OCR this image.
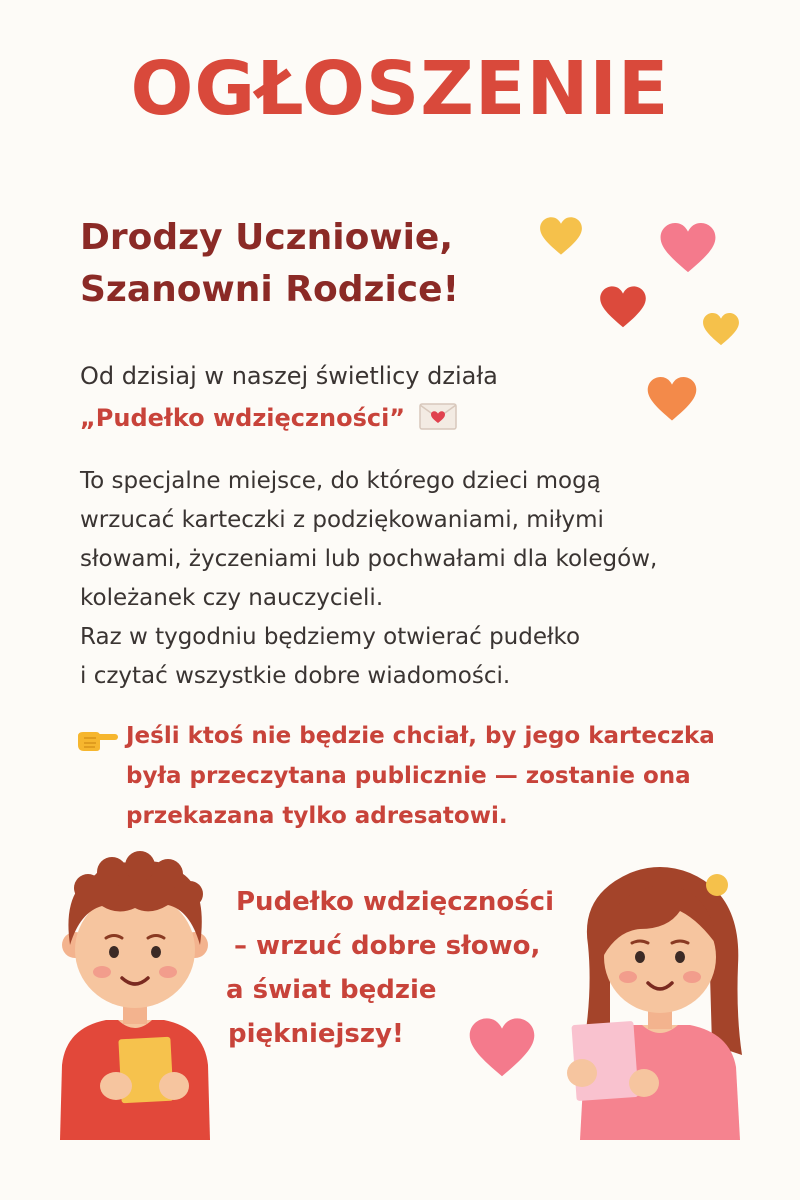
OGŁOSZENIE
Drodzy Uczniowie,
Szanowni Rodzice!

Od dzisiaj w naszej świetlicy działa
„Pudełko wdzięczności”

To specjalne miejsce, do którego dzieci mogą
wrzucać karteczki z podziękowaniami, miłymi
słowami, życzeniami lub pochwałami dla kolegów,
koleżanek czy nauczycieli.
Raz w tygodniu będziemy otwierać pudełko
i czytać wszystkie dobre wiadomości.

Jeśli ktoś nie będzie chciał, by jego karteczka
była przeczytana publicznie — zostanie ona
przekazana tylko adresatowi.

Pudełko wdzięczności
– wrzuć dobre słowo,
a świat będzie
piękniejszy!
